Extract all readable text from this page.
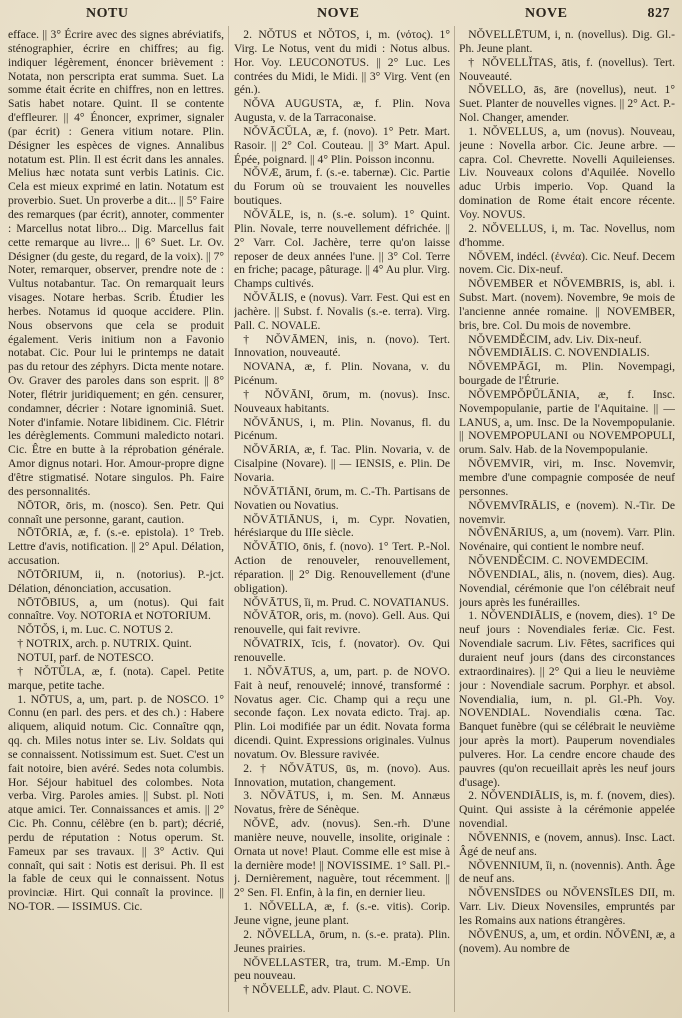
NOTU	NOVE	NOVE	827

efface. || 3° Écrire avec des signes abréviatifs, sténographier, écrire en chiffres; au fig. indiquer légèrement, énoncer brièvement : Notata, non perscripta erat summa. Suet. La somme était écrite en chiffres, non en lettres. Satis habet notare. Quint. Il se contente d'effleurer. || 4° Énoncer, exprimer, signaler (par écrit) : Genera vitium notare. Plin. Désigner les espèces de vignes. Annalibus notatum est. Plin. Il est écrit dans les annales. Melius hæc notata sunt verbis Latinis. Cic. Cela est mieux exprimé en latin. Notatum est proverbio. Suet. Un proverbe a dit... || 5° Faire des remarques (par écrit), annoter, commenter : Marcellus notat libro... Dig. Marcellus fait cette remarque au livre... || 6° Suet. Lr. Ov. Désigner (du geste, du regard, de la voix). || 7° Noter, remarquer, observer, prendre note de : Vultus notabantur. Tac. On remarquait leurs visages. Notare herbas. Scrib. Étudier les herbes. Notamus id quoque accidere. Plin. Nous observons que cela se produit également. Veris initium non a Favonio notabat. Cic. Pour lui le printemps ne datait pas du retour des zéphyrs. Dicta mente notare. Ov. Graver des paroles dans son esprit. || 8° Noter, flétrir juridiquement; en gén. censurer, condamner, décrier : Notare ignominiâ. Suet. Noter d'infamie. Notare libidinem. Cic. Flétrir les dérèglements. Communi maledicto notari. Cic. Être en butte à la réprobation générale. Amor dignus notari. Hor. Amour-propre digne d'être stigmatisé. Notare singulos. Ph. Faire des personnalités.

NŌTOR, ōris, m. (nosco). Sen. Petr. Qui connaît une personne, garant, caution.

NŌTŌRIA, æ, f. (s.-e. epistola). 1° Treb. Lettre d'avis, notification. || 2° Apul. Délation, accusation.

NŌTŌRIUM, ii, n. (notorius). P.-jct. Délation, dénonciation, accusation.

NŌTŌBIUS, a, um (notus). Qui fait connaître. Voy. NOTORIA et NOTORIUM.

NŎTŎS, i, m. Luc. C. NOTUS 2.

† NOTRIX, arch. p. NUTRIX. Quint.

NOTUI, parf. de NOTESCO.

† NŎTŬLA, æ, f. (nota). Capel. Petite marque, petite tache.

1. NŌTUS, a, um, part. p. de NOSCO. 1° Connu (en parl. des pers. et des ch.) : Habere aliquem, aliquid notum. Cic. Connaître qqn, qq. ch. Miles notus inter se. Liv. Soldats qui se connaissent. Notissimum est. Suet. C'est un fait notoire, bien avéré. Sedes nota columbis. Hor. Séjour habituel des colombes. Nota verba. Virg. Paroles amies. || Subst. pl. Noti atque amici. Ter. Connaissances et amis. || 2° Cic. Ph. Connu, célèbre (en b. part); décrié, perdu de réputation : Notus operum. St. Fameux par ses travaux. || 3° Activ. Qui connaît, qui sait : Notis est derisui. Ph. Il est la fable de ceux qui le connaissent. Notus provinciæ. Hirt. Qui connaît la province. || NO-TOR. — ISSIMUS. Cic.

2. NŎTUS et NŎTOS, i, m. (νότος). 1° Virg. Le Notus, vent du midi : Notus albus. Hor. Voy. LEUCONOTUS. || 2° Luc. Les contrées du Midi, le Midi. || 3° Virg. Vent (en gén.).

NŎVA AUGUSTA, æ, f. Plin. Nova Augusta, v. de la Tarraconaise.

NŎVĀCŬLA, æ, f. (novo). 1° Petr. Mart. Rasoir. || 2° Col. Couteau. || 3° Mart. Apul. Épée, poignard. || 4° Plin. Poisson inconnu.

NŎVÆ, ārum, f. (s.-e. tabernæ). Cic. Partie du Forum où se trouvaient les nouvelles boutiques.

NŎVĀLE, is, n. (s.-e. solum). 1° Quint. Plin. Novale, terre nouvellement défrichée. || 2° Varr. Col. Jachère, terre qu'on laisse reposer de deux années l'une. || 3° Col. Terre en friche; pacage, pâturage. || 4° Au plur. Virg. Champs cultivés.

NŎVĀLIS, e (novus). Varr. Fest. Qui est en jachère. || Subst. f. Novalis (s.-e. terra). Virg. Pall. C. NOVALE.

† NŎVĀMEN, inis, n. (novo). Tert. Innovation, nouveauté.

NOVANA, æ, f. Plin. Novana, v. du Picénum.

† NŎVĀNI, ōrum, m. (novus). Insc. Nouveaux habitants.

NŎVĀNUS, i, m. Plin. Novanus, fl. du Picénum.

NŎVĀRIA, æ, f. Tac. Plin. Novaria, v. de Cisalpine (Novare). || — IENSIS, e. Plin. De Novaria.

NŎVĀTIĀNI, ōrum, m. C.-Th. Partisans de Novatien ou Novatius.

NŎVĀTIĀNUS, i, m. Cypr. Novatien, hérésiarque du IIIe siècle.

NŎVĀTIO, ōnis, f. (novo). 1° Tert. P.-Nol. Action de renouveler, renouvellement, réparation. || 2° Dig. Renouvellement (d'une obligation).

NŎVĀTUS, ĭi, m. Prud. C. NOVATIANUS.

NŎVĀTOR, oris, m. (novo). Gell. Aus. Qui renouvelle, qui fait revivre.

NŎVATRIX, īcis, f. (novator). Ov. Qui renouvelle.

1. NŎVĀTUS, a, um, part. p. de NOVO. Fait à neuf, renouvelé; innové, transformé : Novatus ager. Cic. Champ qui a reçu une seconde façon. Lex novata edicto. Traj. ap. Plin. Loi modifiée par un édit. Novata forma dicendi. Quint. Expressions originales. Vulnus novatum. Ov. Blessure ravivée.

2. † NŎVĀTUS, ūs, m. (novo). Aus. Innovation, mutation, changement.

3. NŎVĀTUS, i, m. Sen. M. Annæus Novatus, frère de Sénèque.

NŎVĒ, adv. (novus). Sen.-rh. D'une manière neuve, nouvelle, insolite, originale : Ornata ut nove! Plaut. Comme elle est mise à la dernière mode! || NOVISSIME. 1° Sall. Pl.-j. Dernièrement, naguère, tout récemment. || 2° Sen. Fl. Enfin, à la fin, en dernier lieu.

1. NŎVELLA, æ, f. (s.-e. vitis). Corip. Jeune vigne, jeune plant.

2. NŎVELLA, ōrum, n. (s.-e. prata). Plin. Jeunes prairies.

NŎVELLASTER, tra, trum. M.-Emp. Un peu nouveau.

† NŎVELLĒ, adv. Plaut. C. NOVE.

NŎVELLĒTUM, i, n. (novellus). Dig. Gl.-Ph. Jeune plant.

† NŎVELLĬTAS, ātis, f. (novellus). Tert. Nouveauté.

NŎVELLO, ās, āre (novellus), neut. 1° Suet. Planter de nouvelles vignes. || 2° Act. P.-Nol. Changer, amender.

1. NŎVELLUS, a, um (novus). Nouveau, jeune : Novella arbor. Cic. Jeune arbre. — capra. Col. Chevrette. Novelli Aquileienses. Liv. Nouveaux colons d'Aquilée. Novello aduc Urbis imperio. Vop. Quand la domination de Rome était encore récente. Voy. NOVUS.

2. NŎVELLUS, i, m. Tac. Novellus, nom d'homme.

NŎVEM, indécl. (ἐννέα). Cic. Neuf. Decem novem. Cic. Dix-neuf.

NŎVEMBER et NŎVEMBRIS, is, abl. i. Subst. Mart. (novem). Novembre, 9e mois de l'ancienne année romaine. || NOVEMBER, bris, bre. Col. Du mois de novembre.

NŎVEMDĔCIM, adv. Liv. Dix-neuf.

NŎVEMDIĀLIS. C. NOVENDIALIS.

NŎVEMPĀGI, m. Plin. Novempagi, bourgade de l'Étrurie.

NŎVEMPŎPŬLĀNIA, æ, f. Insc. Novempopulanie, partie de l'Aquitaine. || — LANUS, a, um. Insc. De la Novempopulanie. || NOVEMPOPULANI ou NOVEMPOPULI, orum. Salv. Hab. de la Novempopulanie.

NŎVEMVIR, viri, m. Insc. Novemvir, membre d'une compagnie composée de neuf personnes.

NŎVEMVĪRĀLIS, e (novem). N.-Tir. De novemvir.

NŎVĒNĀRIUS, a, um (novem). Varr. Plin. Novénaire, qui contient le nombre neuf.

NŎVENDĔCIM. C. NOVEMDECIM.

NŎVENDIAL, ālis, n. (novem, dies). Aug. Novendial, cérémonie que l'on célébrait neuf jours après les funérailles.

1. NŎVENDIĀLIS, e (novem, dies). 1° De neuf jours : Novendiales feriæ. Cic. Fest. Novendiale sacrum. Liv. Fêtes, sacrifices qui duraient neuf jours (dans des circonstances extraordinaires). || 2° Qui a lieu le neuvième jour : Novendiale sacrum. Porphyr. et absol. Novendialia, ium, n. pl. Gl.-Ph. Voy. NOVENDIAL. Novendialis cœna. Tac. Banquet funèbre (qui se célébrait le neuvième jour après la mort). Pauperum novendiales pulveres. Hor. La cendre encore chaude des pauvres (qu'on recueillait après les neuf jours d'usage).

2. NŎVENDIĀLIS, is, m. f. (novem, dies). Quint. Qui assiste à la cérémonie appelée novendial.

NŎVENNIS, e (novem, annus). Insc. Lact. Âgé de neuf ans.

NŎVENNIUM, ĭi, n. (novennis). Anth. Âge de neuf ans.

NŎVENSĪDES ou NŎVENSĪLES DII, m. Varr. Liv. Dieux Novensiles, empruntés par les Romains aux nations étrangères.

NŎVĒNUS, a, um, et ordin. NŎVĒNI, æ, a (novem). Au nombre de
